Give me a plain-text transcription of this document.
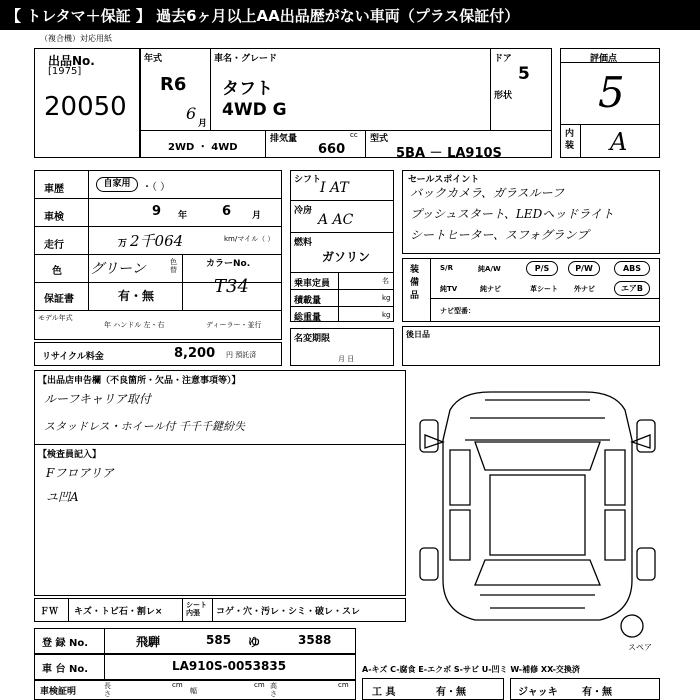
【 トレタマ＋保証 】 過去6ヶ月以上AA出品歴がない車両（プラス保証付）
（複合機）対応用紙
出品No.
[1975]
20050
年式
R6
6
月
車名・グレード
タフト
4WD G
ドア
5
形状
2WD ・ 4WD
排気量	cc
660
型式
5BA － LA910S
評価点
5
内装 A
車歴	自家用	・（ ）
車検	9 年	6 月
走行	万 2千064	km/マイル（ ）
色 グリーン	色替
カラーNo.
T34
保証書	有・無
モデル年式
年 ハンドル 左・右	ディーラー・並行
リサイクル料金	8,200 円 預託済
シフト
I AT
冷房
A AC
燃料
ガソリン
乗車定員	名
積載量	kg
総重量	kg
名変期限
月 日
セールスポイント
バックカメラ、ガラスルーフ
プッシュスタート、LEDヘッドライト
シートヒーター、スフォグランプ
装備品
S/R	純A/W	P/S	P/W	ABS
純TV	純ナビ	革シート 外ナビ	エアB
ナビ型番：
後日品
【出品店申告欄（不良箇所・欠品・注意事項等）】
ルーフキャリア取付
スタッドレス・ホイール付 千千千鍵紛失
【検査員記入】
Fフロアリア
ユ凹A
スペア
ＦＷ キズ・トビ石・割レ×
シート内張	コゲ・穴・汚レ・シミ・破レ・スレ
登 録 No.	飛騨	585 ゆ	3588
車 台 No.	LA910S-0053835
車検証明
長さ
cm
幅
cm 高さ
cm
A-キズ C-腐食 E-エクボ S-サビ U-凹ミ W-補修 XX-交換済
工 具	有・無	ジャッキ 有・無
